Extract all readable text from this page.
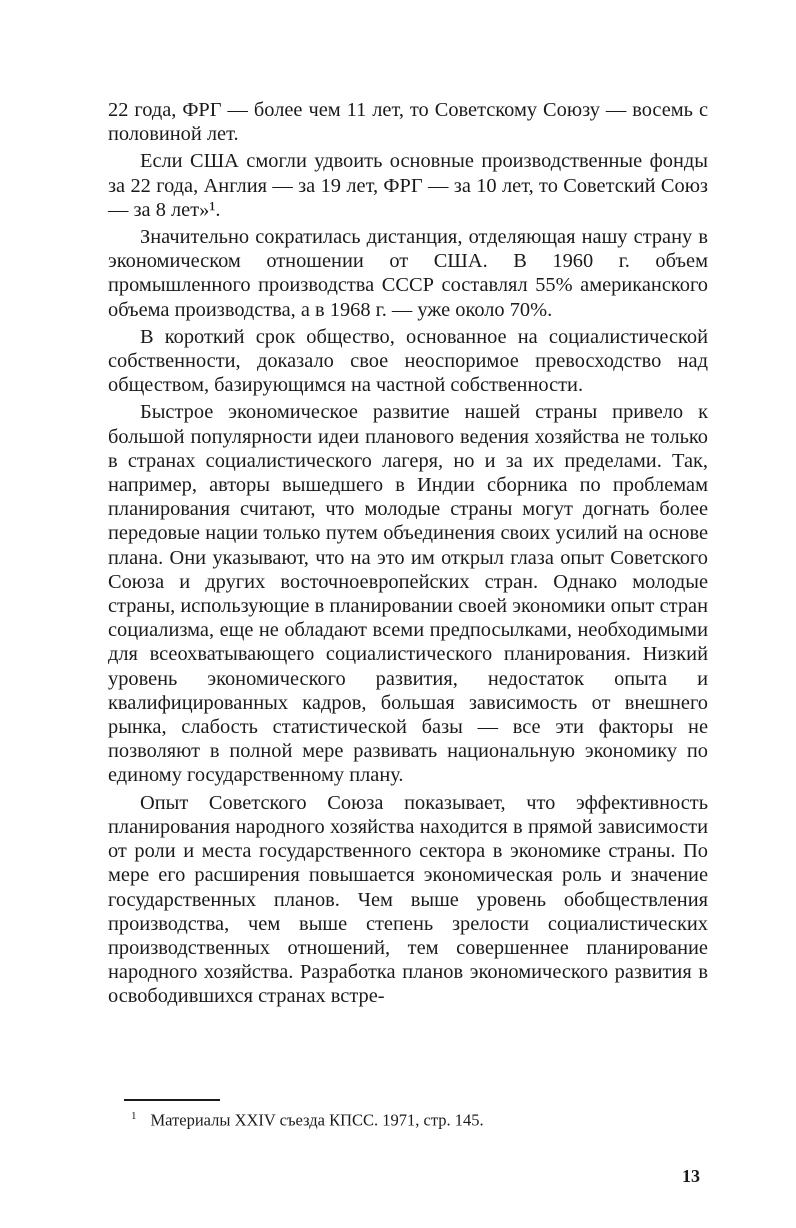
22 года, ФРГ — более чем 11 лет, то Советскому Союзу — восемь с половиной лет.

Если США смогли удвоить основные производственные фонды за 22 года, Англия — за 19 лет, ФРГ — за 10 лет, то Советский Союз — за 8 лет»¹.

Значительно сократилась дистанция, отделяющая нашу страну в экономическом отношении от США. В 1960 г. объем промышленного производства СССР составлял 55% американского объема производства, а в 1968 г. — уже около 70%.

В короткий срок общество, основанное на социалистической собственности, доказало свое неоспоримое превосходство над обществом, базирующимся на частной собственности.

Быстрое экономическое развитие нашей страны привело к большой популярности идеи планового ведения хозяйства не только в странах социалистического лагеря, но и за их пределами. Так, например, авторы вышедшего в Индии сборника по проблемам планирования считают, что молодые страны могут догнать более передовые нации только путем объединения своих усилий на основе плана. Они указывают, что на это им открыл глаза опыт Советского Союза и других восточноевропейских стран. Однако молодые страны, использующие в планировании своей экономики опыт стран социализма, еще не обладают всеми предпосылками, необходимыми для всеохватывающего социалистического планирования. Низкий уровень экономического развития, недостаток опыта и квалифицированных кадров, большая зависимость от внешнего рынка, слабость статистической базы — все эти факторы не позволяют в полной мере развивать национальную экономику по единому государственному плану.

Опыт Советского Союза показывает, что эффективность планирования народного хозяйства находится в прямой зависимости от роли и места государственного сектора в экономике страны. По мере его расширения повышается экономическая роль и значение государственных планов. Чем выше уровень обобществления производства, чем выше степень зрелости социалистических производственных отношений, тем совершеннее планирование народного хозяйства. Разработка планов экономического развития в освободившихся странах встре-

$^1$ Материалы XXIV съезда КПСС. 1971, стр. 145.
13
